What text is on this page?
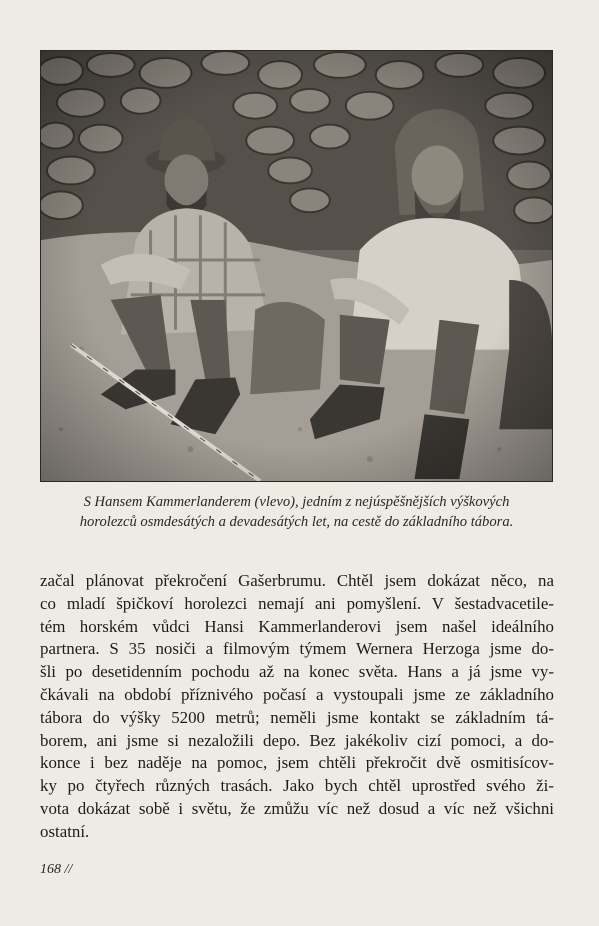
S Hansem Kammerlanderem (vlevo), jedním z nejúspěšnějších výškových
horolezců osmdesátých a devadesátých let, na cestě do základního tábora.
začal plánovat překročení Gašerbrumu. Chtěl jsem dokázat něco, na
co mladí špičkoví horolezci nemají ani pomyšlení. V šestadvacetile-
tém horském vůdci Hansi Kammerlanderovi jsem našel ideálního
partnera. S 35 nosiči a filmovým týmem Wernera Herzoga jsme do-
šli po desetidenním pochodu až na konec světa. Hans a já jsme vy-
čkávali na období příznivého počasí a vystoupali jsme ze základního
tábora do výšky 5200 metrů; neměli jsme kontakt se základním tá-
borem, ani jsme si nezaložili depo. Bez jakékoliv cizí pomoci, a do-
konce i bez naděje na pomoc, jsem chtěli překročit dvě osmitisícov-
ky po čtyřech různých trasách. Jako bych chtěl uprostřed svého ži-
vota dokázat sobě i světu, že zmůžu víc než dosud a víc než všichni
ostatní.
168 //
